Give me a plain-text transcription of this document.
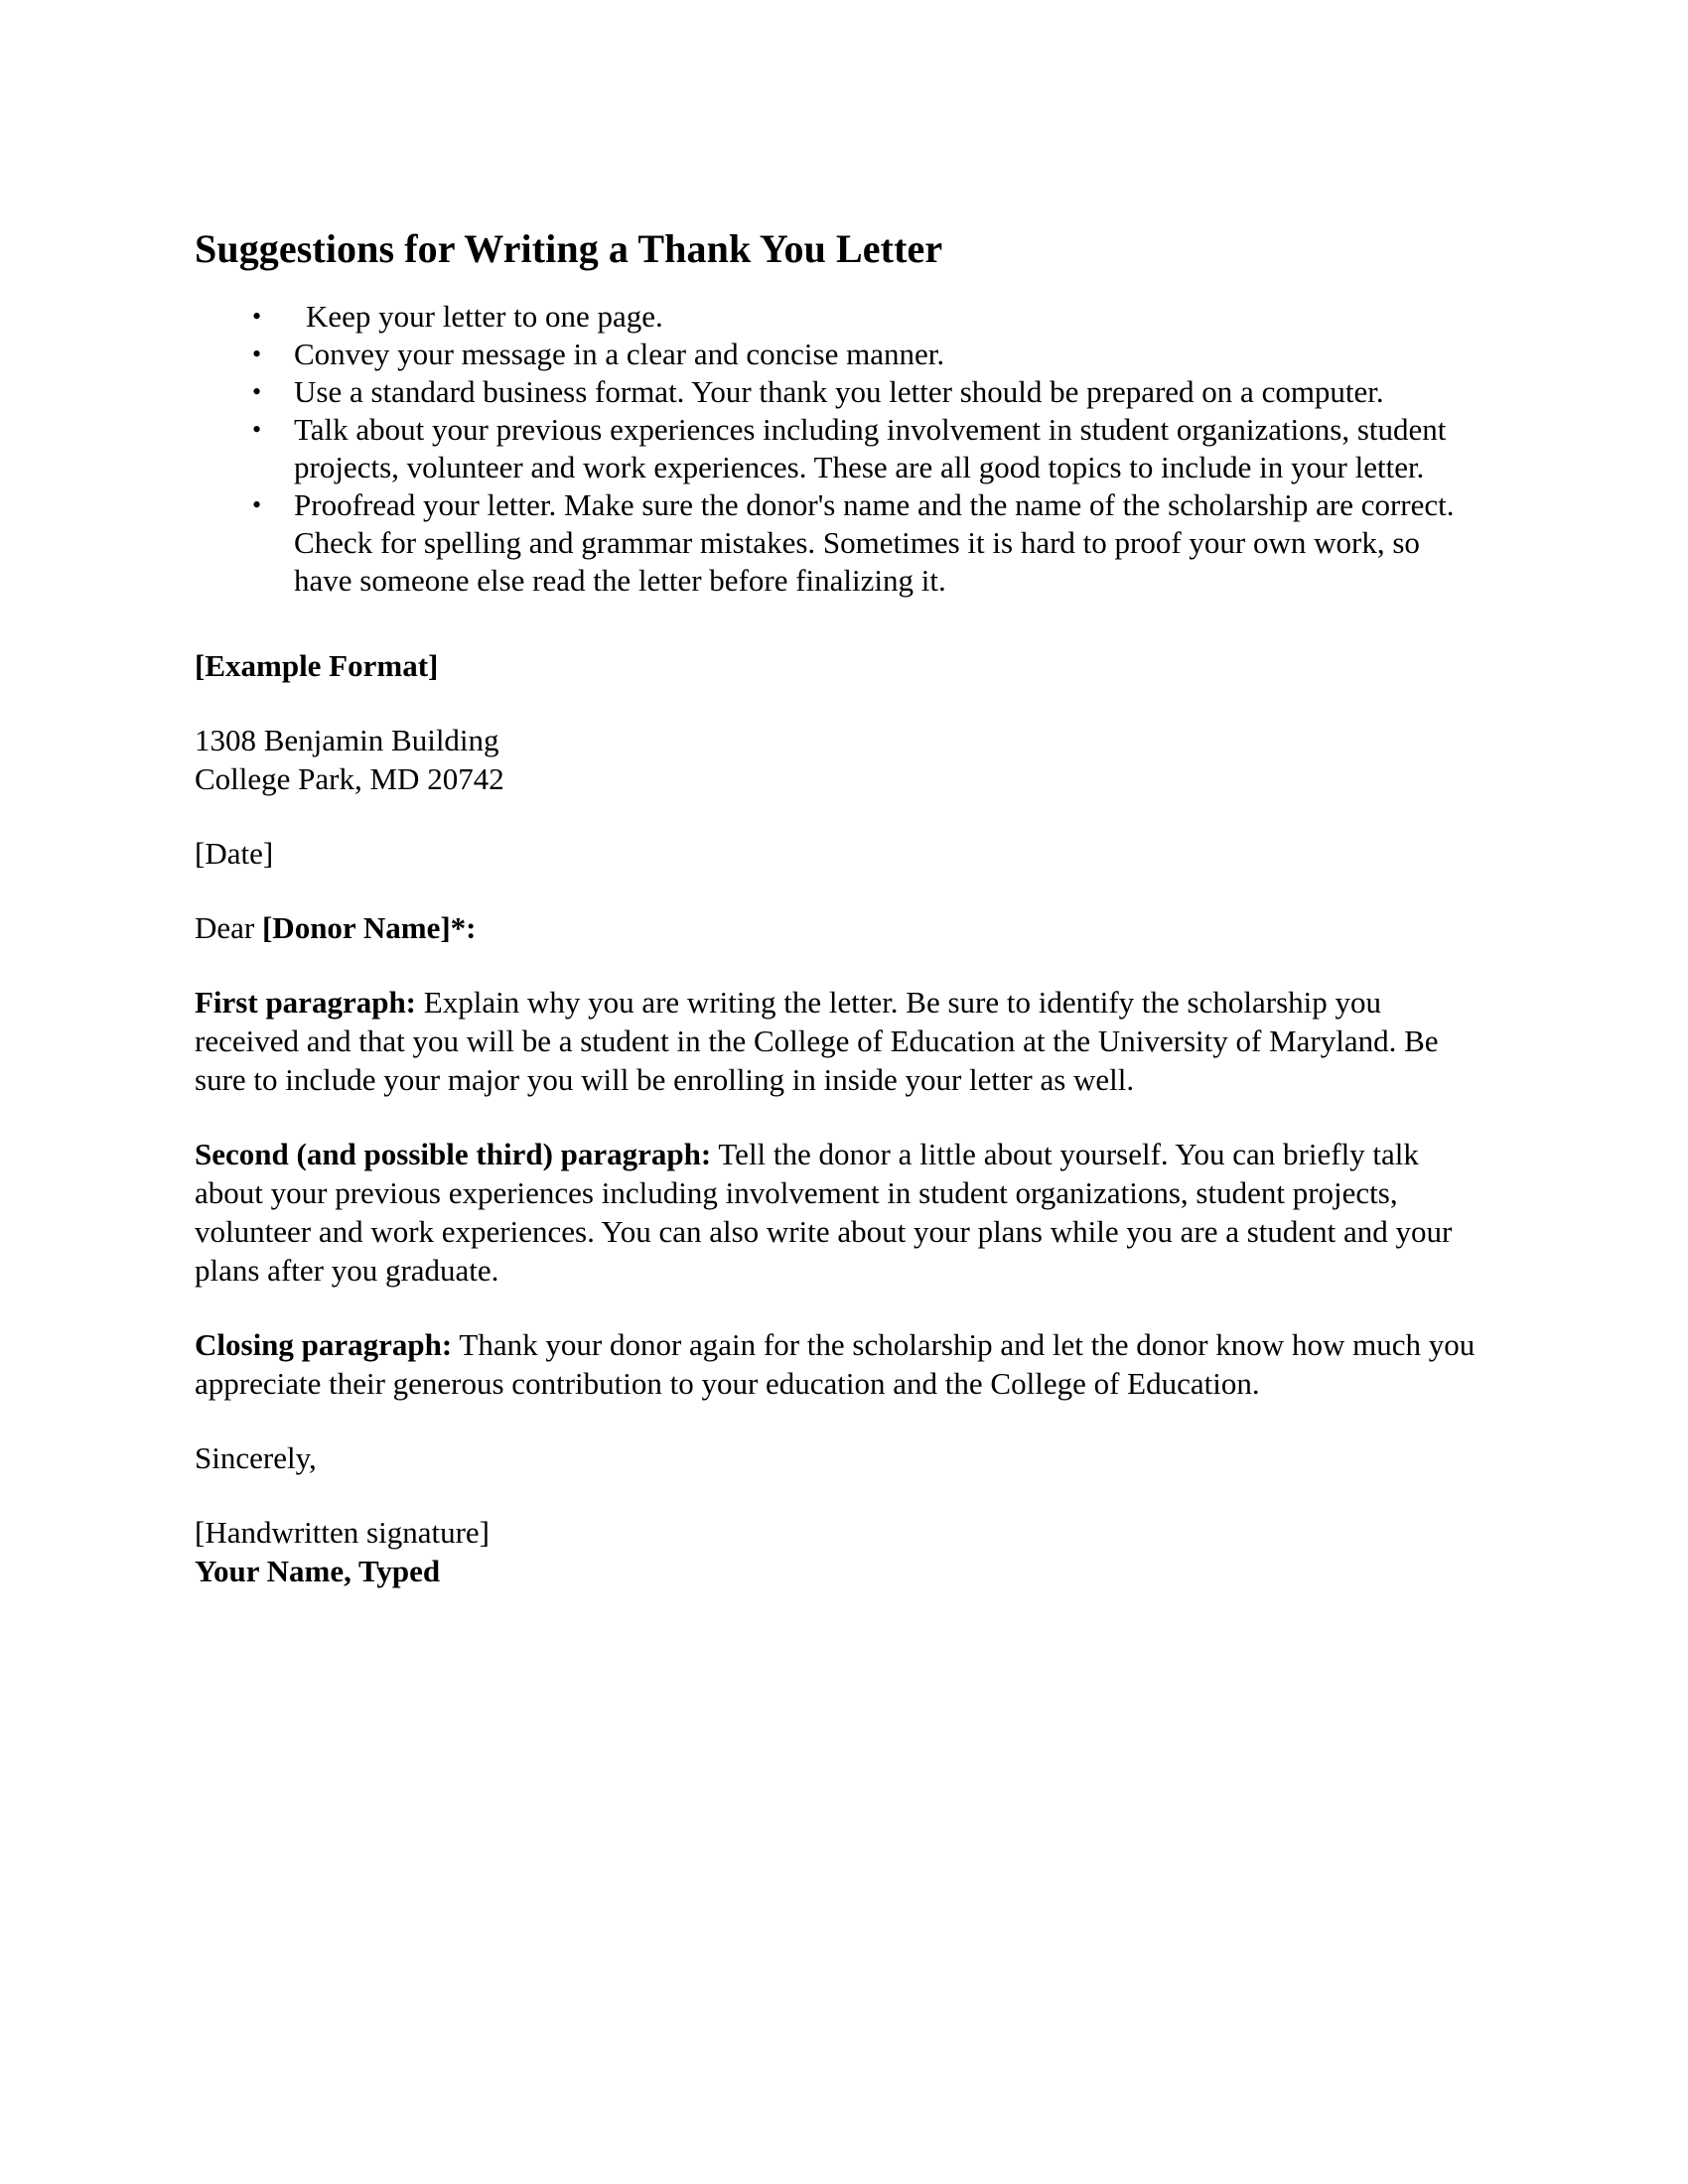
Suggestions for Writing a Thank You Letter
• Keep your letter to one page.
• Convey your message in a clear and concise manner.
• Use a standard business format. Your thank you letter should be prepared on a computer.
• Talk about your previous experiences including involvement in student organizations, student projects, volunteer and work experiences. These are all good topics to include in your letter.
• Proofread your letter. Make sure the donor's name and the name of the scholarship are correct. Check for spelling and grammar mistakes. Sometimes it is hard to proof your own work, so have someone else read the letter before finalizing it.

[Example Format]

1308 Benjamin Building
College Park, MD 20742

[Date]

Dear [Donor Name]*:

First paragraph: Explain why you are writing the letter. Be sure to identify the scholarship you received and that you will be a student in the College of Education at the University of Maryland. Be sure to include your major you will be enrolling in inside your letter as well.

Second (and possible third) paragraph: Tell the donor a little about yourself. You can briefly talk about your previous experiences including involvement in student organizations, student projects, volunteer and work experiences. You can also write about your plans while you are a student and your plans after you graduate.

Closing paragraph: Thank your donor again for the scholarship and let the donor know how much you appreciate their generous contribution to your education and the College of Education.

Sincerely,

[Handwritten signature]
Your Name, Typed
